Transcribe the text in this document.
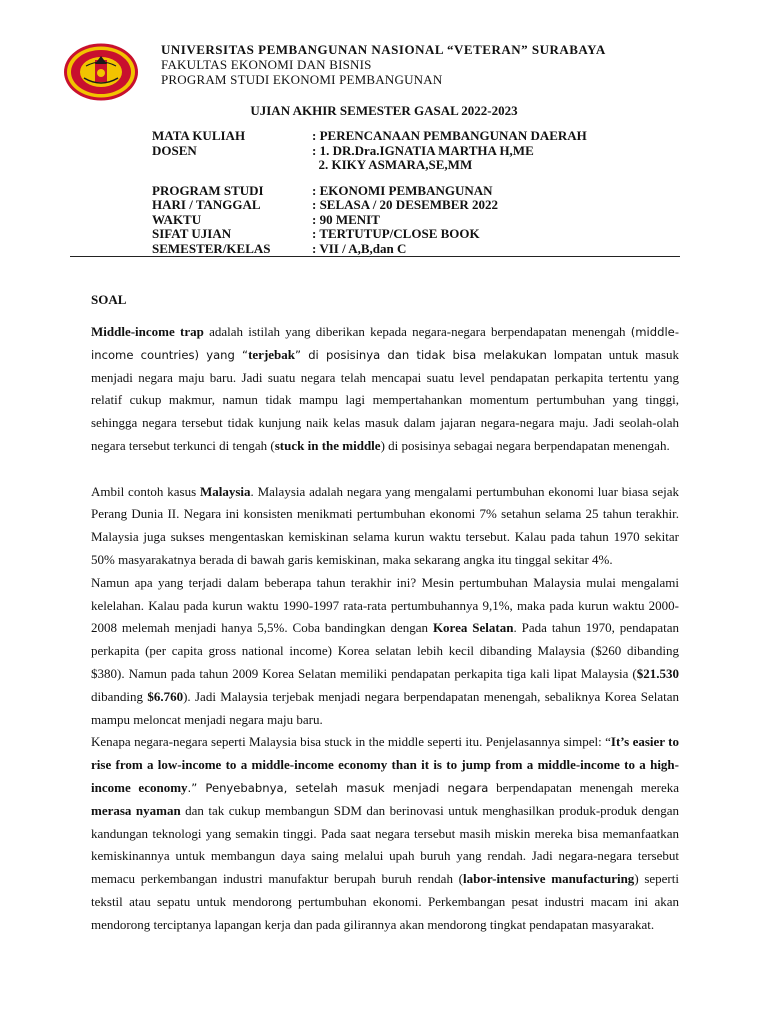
UNIVERSITAS PEMBANGUNAN NASIONAL “VETERAN” SURABAYA
FAKULTAS EKONOMI DAN BISNIS
PROGRAM STUDI EKONOMI PEMBANGUNAN
UJIAN AKHIR SEMESTER GASAL 2022-2023
MATA KULIAH	: PERENCANAAN PEMBANGUNAN DAERAH
DOSEN	: 1. DR.Dra.IGNATIA MARTHA H,ME
2. KIKY ASMARA,SE,MM
PROGRAM STUDI	: EKONOMI PEMBANGUNAN
HARI / TANGGAL	: SELASA / 20 DESEMBER 2022
WAKTU	: 90 MENIT
SIFAT UJIAN	: TERTUTUP/CLOSE BOOK
SEMESTER/KELAS	: VII / A,B,dan C
SOAL

Middle-income trap adalah istilah yang diberikan kepada negara-negara berpendapatan menengah (middle-income countries) yang “terjebak” di posisinya dan tidak bisa melakukan lompatan untuk masuk menjadi negara maju baru. Jadi suatu negara telah mencapai suatu level pendapatan perkapita tertentu yang relatif cukup makmur, namun tidak mampu lagi mempertahankan momentum pertumbuhan yang tinggi, sehingga negara tersebut tidak kunjung naik kelas masuk dalam jajaran negara-negara maju. Jadi seolah-olah negara tersebut terkunci di tengah (stuck in the middle) di posisinya sebagai negara berpendapatan menengah.

Ambil contoh kasus Malaysia. Malaysia adalah negara yang mengalami pertumbuhan ekonomi luar biasa sejak Perang Dunia II. Negara ini konsisten menikmati pertumbuhan ekonomi 7% setahun selama 25 tahun terakhir. Malaysia juga sukses mengentaskan kemiskinan selama kurun waktu tersebut. Kalau pada tahun 1970 sekitar 50% masyarakatnya berada di bawah garis kemiskinan, maka sekarang angka itu tinggal sekitar 4%.

Namun apa yang terjadi dalam beberapa tahun terakhir ini? Mesin pertumbuhan Malaysia mulai mengalami kelelahan. Kalau pada kurun waktu 1990-1997 rata-rata pertumbuhannya 9,1%, maka pada kurun waktu 2000-2008 melemah menjadi hanya 5,5%. Coba bandingkan dengan Korea Selatan. Pada tahun 1970, pendapatan perkapita (per capita gross national income) Korea selatan lebih kecil dibanding Malaysia ($260 dibanding $380). Namun pada tahun 2009 Korea Selatan memiliki pendapatan perkapita tiga kali lipat Malaysia ($21.530 dibanding $6.760). Jadi Malaysia terjebak menjadi negara berpendapatan menengah, sebaliknya Korea Selatan mampu meloncat menjadi negara maju baru.

Kenapa negara-negara seperti Malaysia bisa stuck in the middle seperti itu. Penjelasannya simpel: “It’s easier to rise from a low-income to a middle-income economy than it is to jump from a middle-income to a high-income economy.” Penyebabnya, setelah masuk menjadi negara berpendapatan menengah mereka merasa nyaman dan tak cukup membangun SDM dan berinovasi untuk menghasilkan produk-produk dengan kandungan teknologi yang semakin tinggi. Pada saat negara tersebut masih miskin mereka bisa memanfaatkan kemiskinannya untuk membangun daya saing melalui upah buruh yang rendah. Jadi negara-negara tersebut memacu perkembangan industri manufaktur berupah buruh rendah (labor-intensive manufacturing) seperti tekstil atau sepatu untuk mendorong pertumbuhan ekonomi. Perkembangan pesat industri macam ini akan mendorong terciptanya lapangan kerja dan pada gilirannya akan mendorong tingkat pendapatan masyarakat.
